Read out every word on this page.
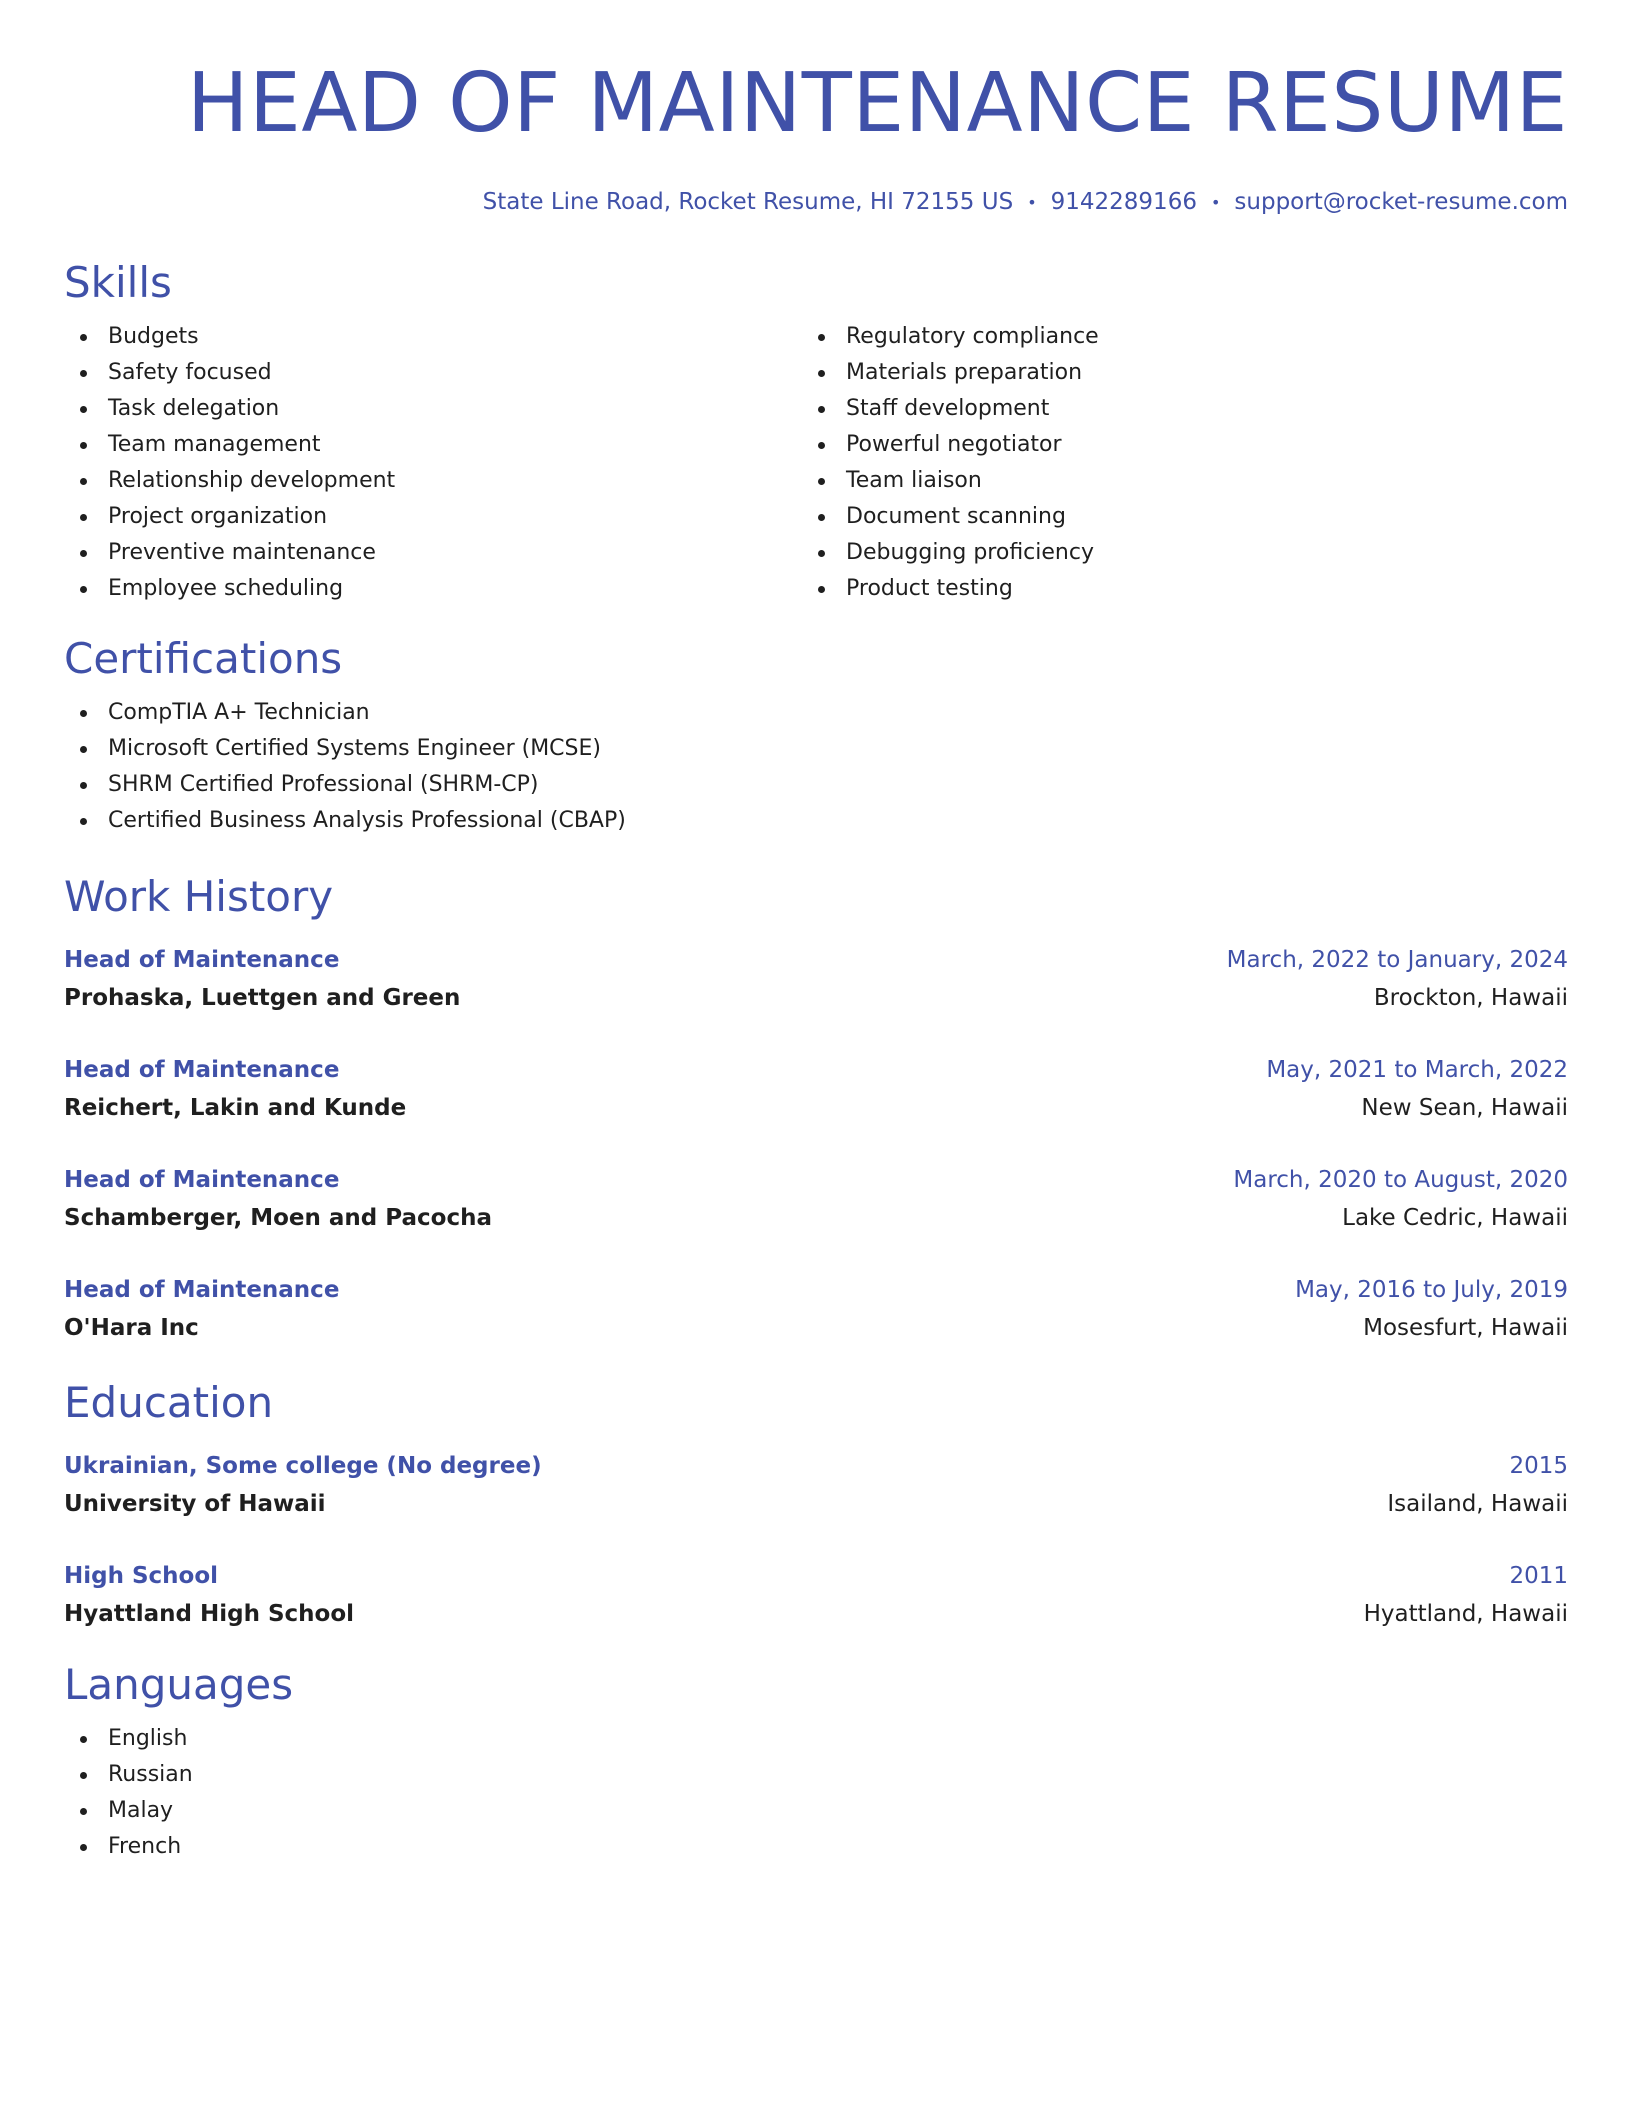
HEAD OF MAINTENANCE RESUME
State Line Road, Rocket Resume, HI 72155 US • 9142289166 • support@rocket-resume.com
Skills
Budgets
Safety focused
Task delegation
Team management
Relationship development
Project organization
Preventive maintenance
Employee scheduling
Regulatory compliance
Materials preparation
Staff development
Powerful negotiator
Team liaison
Document scanning
Debugging proficiency
Product testing
Certifications
CompTIA A+ Technician
Microsoft Certified Systems Engineer (MCSE)
SHRM Certified Professional (SHRM-CP)
Certified Business Analysis Professional (CBAP)
Work History
Head of Maintenance	March, 2022 to January, 2024
Prohaska, Luettgen and Green	Brockton, Hawaii
Head of Maintenance	May, 2021 to March, 2022
Reichert, Lakin and Kunde	New Sean, Hawaii
Head of Maintenance	March, 2020 to August, 2020
Schamberger, Moen and Pacocha	Lake Cedric, Hawaii
Head of Maintenance	May, 2016 to July, 2019
O'Hara Inc	Mosesfurt, Hawaii
Education
Ukrainian, Some college (No degree)	2015
University of Hawaii	Isailand, Hawaii
High School	2011
Hyattland High School	Hyattland, Hawaii
Languages
English
Russian
Malay
French
